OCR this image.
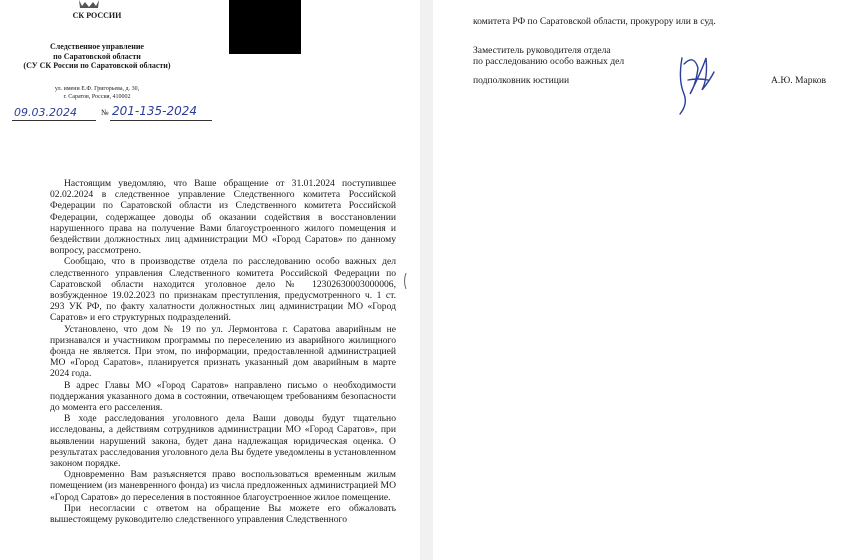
СК РОССИИ
Следственное управление
по Саратовской области
(СУ СК России по Саратовской области)
ул. имени Е.Ф. Григорьева, д. 30,
г. Саратов, Россия, 410002
09.03.2024	№ 201-135-2024

Настоящим уведомляю, что Ваше обращение от 31.01.2024 поступившее 02.02.2024 в следственное управление Следственного комитета Российской Федерации по Саратовской области из Следственного комитета Российской Федерации, содержащее доводы об оказании содействия в восстановлении нарушенного права на получение Вами благоустроенного жилого помещения и бездействии должностных лиц администрации МО «Город Саратов» по данному вопросу, рассмотрено.

Сообщаю, что в производстве отдела по расследованию особо важных дел следственного управления Следственного комитета Российской Федерации по Саратовской области находится уголовное дело № 12302630003000006, возбужденное 19.02.2023 по признакам преступления, предусмотренного ч. 1 ст. 293 УК РФ, по факту халатности должностных лиц администрации МО «Город Саратов» и его структурных подразделений.

Установлено, что дом № 19 по ул. Лермонтова г. Саратова аварийным не признавался и участником программы по переселению из аварийного жилищного фонда не является. При этом, по информации, предоставленной администрацией МО «Город Саратов», планируется признать указанный дом аварийным в марте 2024 года.

В адрес Главы МО «Город Саратов» направлено письмо о необходимости поддержания указанного дома в состоянии, отвечающем требованиям безопасности до момента его расселения.

В ходе расследования уголовного дела Ваши доводы будут тщательно исследованы, а действиям сотрудников администрации МО «Город Саратов», при выявлении нарушений закона, будет дана надлежащая юридическая оценка. О результатах расследования уголовного дела Вы будете уведомлены в установленном законом порядке.

Одновременно Вам разъясняется право воспользоваться временным жилым помещением (из маневренного фонда) из числа предложенных администрацией МО «Город Саратов» до переселения в постоянное благоустроенное жилое помещение.

При несогласии с ответом на обращение Вы можете его обжаловать вышестоящему руководителю следственного управления Следственного

комитета РФ по Саратовской области, прокурору или в суд.
Заместитель руководителя отдела
по расследованию особо важных дел
подполковник юстиции	А.Ю. Марков
